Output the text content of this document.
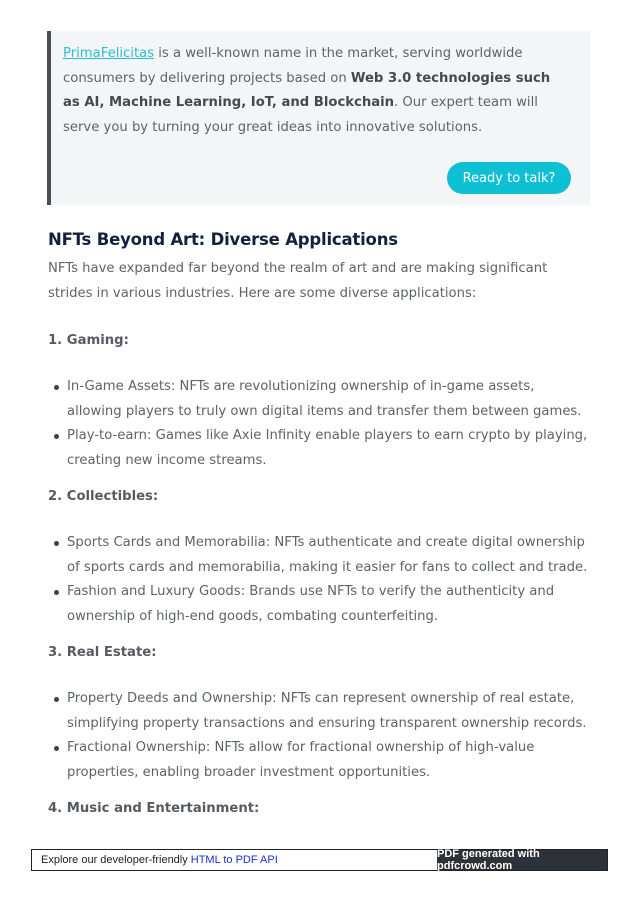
PrimaFelicitas is a well-known name in the market, serving worldwide consumers by delivering projects based on Web 3.0 technologies such as AI, Machine Learning, IoT, and Blockchain. Our expert team will serve you by turning your great ideas into innovative solutions.

Ready to talk?
NFTs Beyond Art: Diverse Applications

NFTs have expanded far beyond the realm of art and are making significant strides in various industries. Here are some diverse applications:

1. Gaming:
In-Game Assets: NFTs are revolutionizing ownership of in-game assets, allowing players to truly own digital items and transfer them between games.
Play-to-earn: Games like Axie Infinity enable players to earn crypto by playing, creating new income streams.
2. Collectibles:
Sports Cards and Memorabilia: NFTs authenticate and create digital ownership of sports cards and memorabilia, making it easier for fans to collect and trade.
Fashion and Luxury Goods: Brands use NFTs to verify the authenticity and ownership of high-end goods, combating counterfeiting.
3. Real Estate:
Property Deeds and Ownership: NFTs can represent ownership of real estate, simplifying property transactions and ensuring transparent ownership records.
Fractional Ownership: NFTs allow for fractional ownership of high-value properties, enabling broader investment opportunities.
4. Music and Entertainment:
Explore our developer-friendly HTML to PDF API	PDF generated with pdfcrowd.com
